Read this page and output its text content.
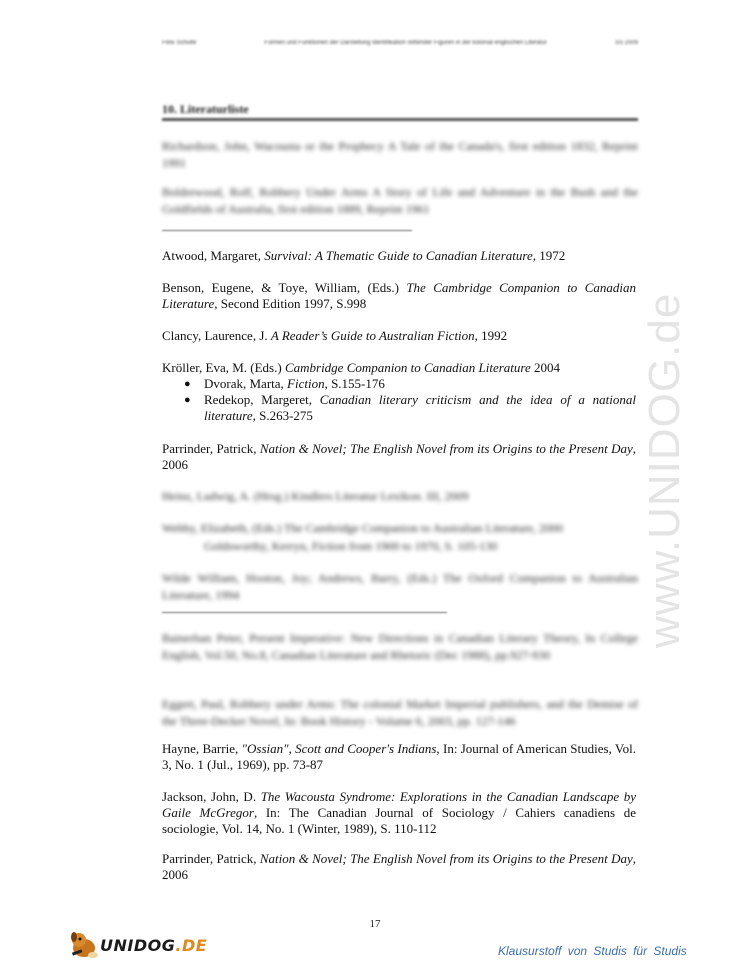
Felix Schulte	Formen und Funktionen der Darstellung Identifikation stiftender Figuren in der kolonial englischen Literatur	SS 2009
10. Literaturliste
Richardson, John, Wacousta or the Prophecy A Tale of the Canada's, first edition 1832, Reprint 1991
Boldrewood, Rolf, Robbery Under Arms A Story of Life and Adventure in the Bush and the Goldfields of Australia, first edition 1889, Reprint 1961
Atwood, Margaret, Survival: A Thematic Guide to Canadian Literature, 1972
Benson, Eugene, & Toye, William, (Eds.) The Cambridge Companion to Canadian Literature, Second Edition 1997, S.998
Clancy, Laurence, J. A Reader’s Guide to Australian Fiction, 1992
Kröller, Eva, M. (Eds.) Cambridge Companion to Canadian Literature 2004
● Dvorak, Marta, Fiction, S.155-176
● Redekop, Margeret, Canadian literary criticism and the idea of a national literature, S.263-275
Parrinder, Patrick, Nation & Novel; The English Novel from its Origins to the Present Day, 2006
Heinz, Ludwig, A. (Hrsg.) Kindlers Literatur Lexikon. III, 2009
Webby, Elizabeth, (Eds.) The Cambridge Companion to Australian Literature, 2000
Goldsworthy, Kerryn, Fiction from 1900 to 1970, S. 105-130
Wilde William, Hooton, Joy; Andrews, Barry, (Eds.) The Oxford Companion to Australian Literature, 1994
Bainerban Peter, Present Imperative: New Directions in Canadian Literary Theory, In College English, Vol.50, No.8, Canadian Literature and Rhetoric (Dec 1988), pp.927-930
Eggert, Paul, Robbery under Arms: The colonial Market Imperial publishers, and the Demise of the Three-Decker Novel, In: Book History - Volume 6, 2003, pp. 127-146
Hayne, Barrie, "Ossian", Scott and Cooper's Indians, In: Journal of American Studies, Vol. 3, No. 1 (Jul., 1969), pp. 73-87
Jackson, John, D. The Wacousta Syndrome: Explorations in the Canadian Landscape by Gaile McGregor, In: The Canadian Journal of Sociology / Cahiers canadiens de sociologie, Vol. 14, No. 1 (Winter, 1989), S. 110-112
Parrinder, Patrick, Nation & Novel; The English Novel from its Origins to the Present Day, 2006
www.UNIDOG.de
17
UNIDOG.DE	Klausurstoff von Studis für Studis
